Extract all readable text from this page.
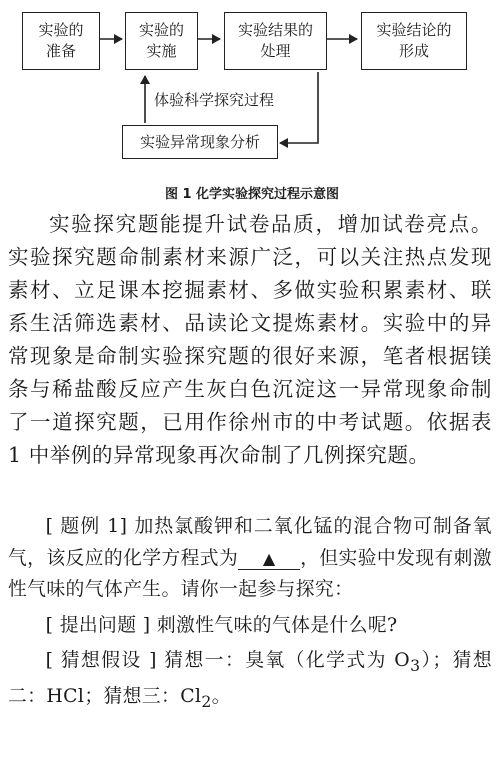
实验的
准备
实验的
实施
实验结果的
处理
实验结论的
形成
体验科学探究过程
实验异常现象分析
图 1 化学实验探究过程示意图

实验探究题能提升试卷品质，增加试卷亮点。实验探究题命制素材来源广泛，可以关注热点发现素材、立足课本挖掘素材、多做实验积累素材、联系生活筛选素材、品读论文提炼素材。实验中的异常现象是命制实验探究题的很好来源，笔者根据镁条与稀盐酸反应产生灰白色沉淀这一异常现象命制了一道探究题，已用作徐州市的中考试题。依据表 1 中举例的异常现象再次命制了几例探究题。

[ 题例 1] 加热氯酸钾和二氧化锰的混合物可制备氧气，该反应的化学方程式为 ▲ ，但实验中发现有刺激性气味的气体产生。请你一起参与探究：

[ 提出问题 ] 刺激性气味的气体是什么呢?

[ 猜想假设 ] 猜想一：臭氧（化学式为 $O_3$）；猜想二：HCl；猜想三：$Cl_2$。
